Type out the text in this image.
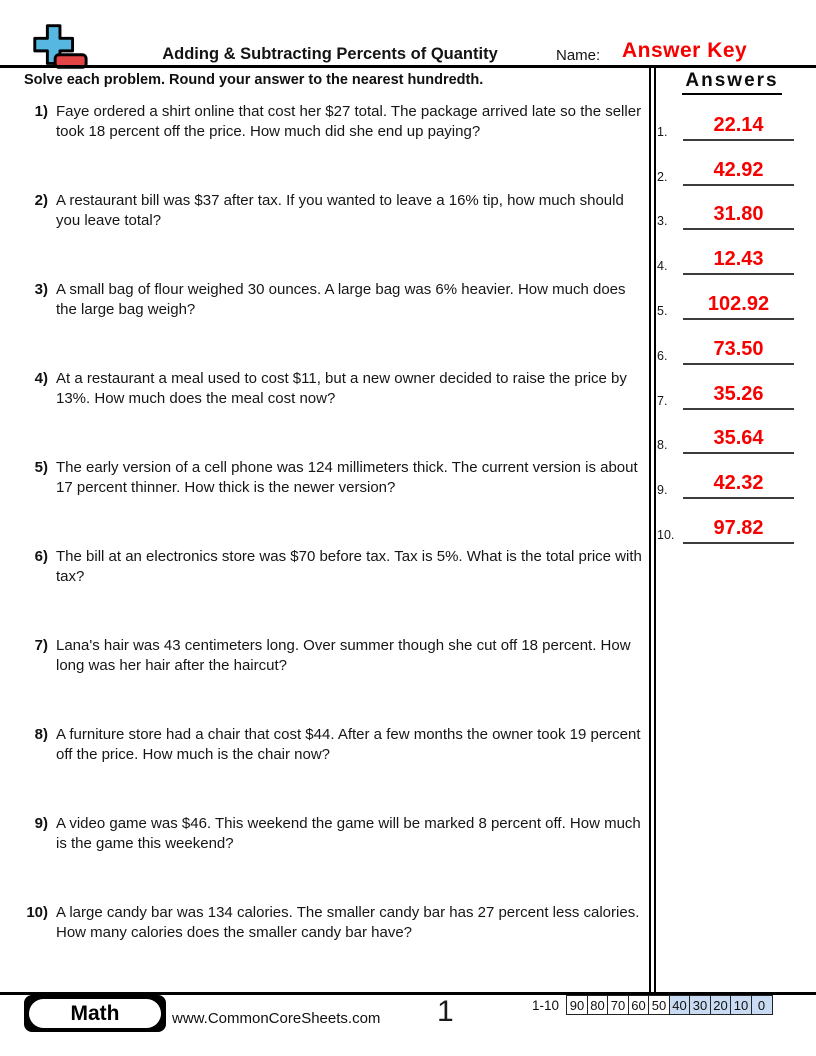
Adding & Subtracting Percents of Quantity	Name: Answer Key
Solve each problem. Round your answer to the nearest hundredth.
1) Faye ordered a shirt online that cost her $27 total. The package arrived late so the seller took 18 percent off the price. How much did she end up paying?
2) A restaurant bill was $37 after tax. If you wanted to leave a 16% tip, how much should you leave total?
3) A small bag of flour weighed 30 ounces. A large bag was 6% heavier. How much does the large bag weigh?
4) At a restaurant a meal used to cost $11, but a new owner decided to raise the price by 13%. How much does the meal cost now?
5) The early version of a cell phone was 124 millimeters thick. The current version is about 17 percent thinner. How thick is the newer version?
6) The bill at an electronics store was $70 before tax. Tax is 5%. What is the total price with tax?
7) Lana's hair was 43 centimeters long. Over summer though she cut off 18 percent. How long was her hair after the haircut?
8) A furniture store had a chair that cost $44. After a few months the owner took 19 percent off the price. How much is the chair now?
9) A video game was $46. This weekend the game will be marked 8 percent off. How much is the game this weekend?
10) A large candy bar was 134 calories. The smaller candy bar has 27 percent less calories. How many calories does the smaller candy bar have?
Answers
1.	22.14
2.	42.92
3.	31.80
4.	12.43
5.	102.92
6.	73.50
7.	35.26
8.	35.64
9.	42.32
10.	97.82
Math	www.CommonCoreSheets.com 1	1-10 90 80 70 60 50 40 30 20 10 0
